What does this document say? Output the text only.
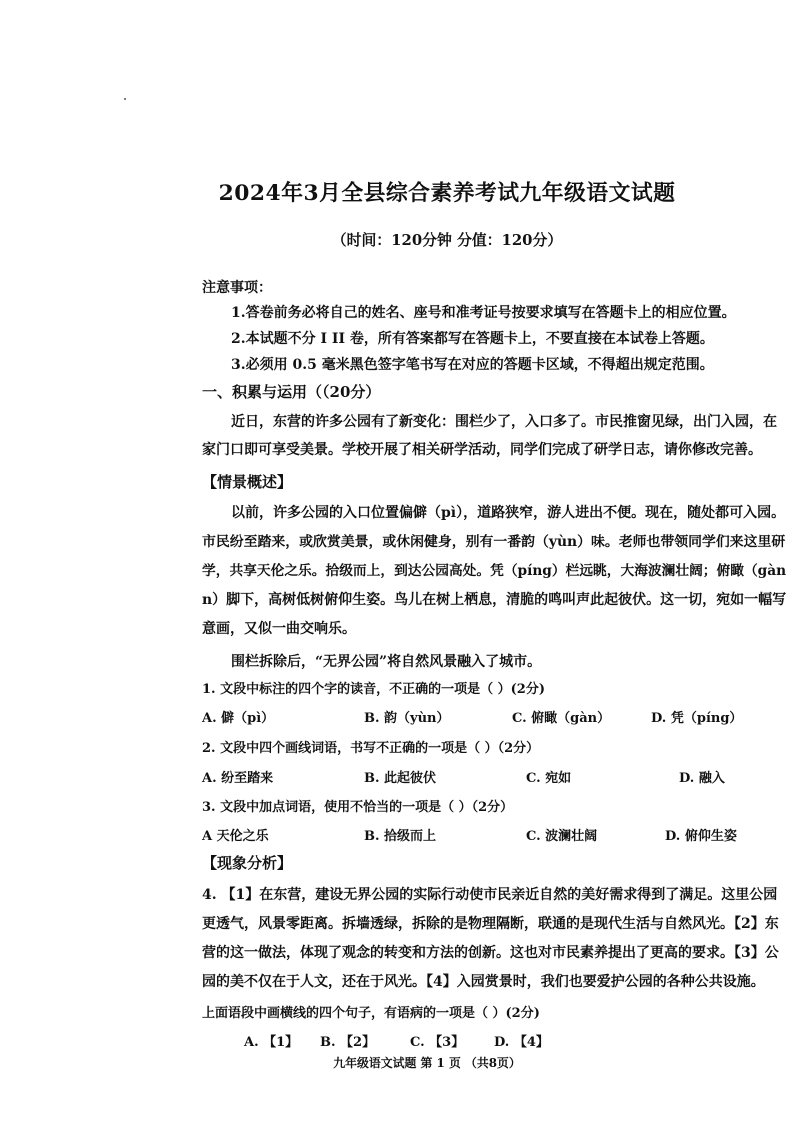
2024年3月全县综合素养考试九年级语文试题
（时间：120分钟 分值：120分）
注意事项：
1.答卷前务必将自己的姓名、座号和准考证号按要求填写在答题卡上的相应位置。
2.本试题不分 I II 卷，所有答案都写在答题卡上，不要直接在本试卷上答题。
3.必须用 0.5 毫米黑色签字笔书写在对应的答题卡区域，不得超出规定范围。
一、积累与运用（（20分）
近日，东营的许多公园有了新变化：围栏少了，入口多了。市民推窗见绿，出门入园，在
家门口即可享受美景。学校开展了相关研学活动，同学们完成了研学日志，请你修改完善。
【情景概述】
以前，许多公园的入口位置偏僻（pì），道路狭窄，游人进出不便。现在，随处都可入园。
市民纷至踏来，或欣赏美景，或休闲健身，别有一番韵（yùn）味。老师也带领同学们来这里研
学，共享天伦之乐。拾级而上，到达公园高处。凭（píng）栏远眺，大海波澜壮阔；俯瞰（gàn
n）脚下，高树低树俯仰生姿。鸟儿在树上栖息，清脆的鸣叫声此起彼伏。这一切，宛如一幅写
意画，又似一曲交响乐。
围栏拆除后，“无界公园”将自然风景融入了城市。
1. 文段中标注的四个字的读音，不正确的一项是（ ）(2分)
A. 僻（pì）	B. 韵（yùn）	C. 俯瞰（gàn）	D. 凭（píng）
2. 文段中四个画线词语，书写不正确的一项是（ ）（2分）
A. 纷至踏来	B. 此起彼伏	C. 宛如	D. 融入
3. 文段中加点词语，使用不恰当的一项是（ ）（2分）
A 天伦之乐	B. 拾级而上	C. 波澜壮阔	D. 俯仰生姿
【现象分析】
4. 【1】在东营，建设无界公园的实际行动使市民亲近自然的美好需求得到了满足。这里公园
更透气，风景零距离。拆墙透绿，拆除的是物理隔断，联通的是现代生活与自然风光。【2】东
营的这一做法，体现了观念的转变和方法的创新。这也对市民素养提出了更高的要求。【3】公
园的美不仅在于人文，还在于风光。【4】入园赏景时，我们也要爱护公园的各种公共设施。
上面语段中画横线的四个句子，有语病的一项是（ ）(2分)
A. 【1】 B. 【2】	C. 【3】 D. 【4】
九年级语文试题 第 1 页 （共8页）
